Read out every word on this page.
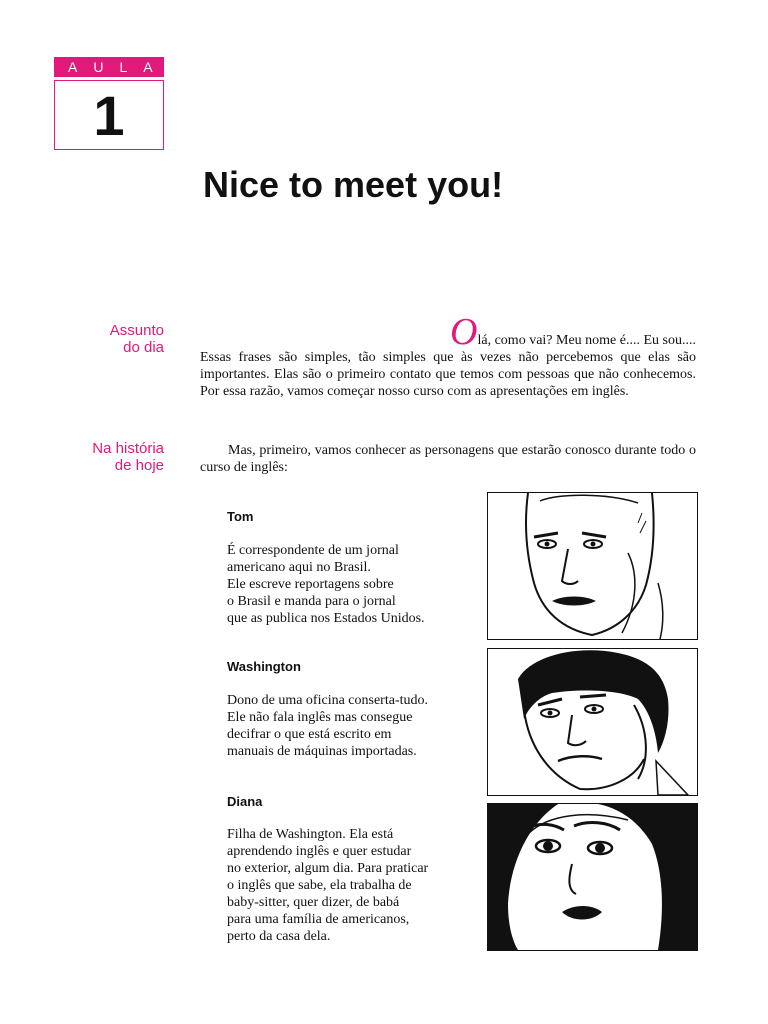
AULA
1
Nice to meet you!
Assunto
do dia	Olá, como vai? Meu nome é.... Eu sou....
Essas frases são simples, tão simples que às vezes não percebemos que elas são importantes. Elas são o primeiro contato que temos com pessoas que não conhecemos. Por essa razão, vamos começar nosso curso com as apresentações em inglês.
Na história
de hoje
Mas, primeiro, vamos conhecer as personagens que estarão conosco durante todo o curso de inglês:
Tom
É correspondente de um jornal
americano aqui no Brasil.
Ele escreve reportagens sobre
o Brasil e manda para o jornal
que as publica nos Estados Unidos.
Washington
Dono de uma oficina conserta-tudo.
Ele não fala inglês mas consegue
decifrar o que está escrito em
manuais de máquinas importadas.
Diana
Filha de Washington. Ela está
aprendendo inglês e quer estudar
no exterior, algum dia. Para praticar
o inglês que sabe, ela trabalha de
baby-sitter, quer dizer, de babá
para uma família de americanos,
perto da casa dela.
